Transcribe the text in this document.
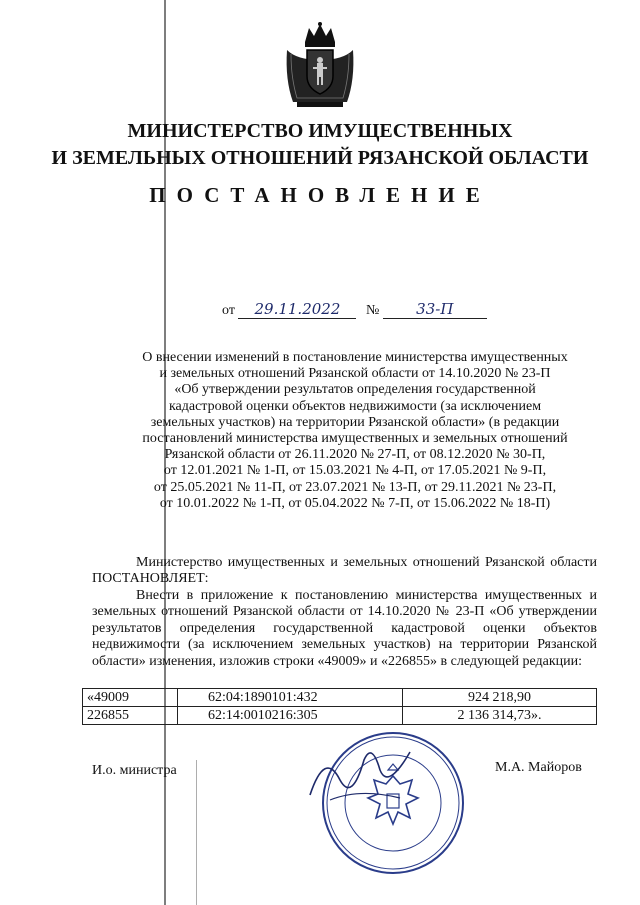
МИНИСТЕРСТВО ИМУЩЕСТВЕННЫХ
И ЗЕМЕЛЬНЫХ ОТНОШЕНИЙ РЯЗАНСКОЙ ОБЛАСТИ
ПОСТАНОВЛЕНИЕ
от 29.11.2022 № 33-П
О внесении изменений в постановление министерства имущественных
и земельных отношений Рязанской области от 14.10.2020 № 23-П
«Об утверждении результатов определения государственной
кадастровой оценки объектов недвижимости (за исключением
земельных участков) на территории Рязанской области» (в редакции
постановлений министерства имущественных и земельных отношений
Рязанской области от 26.11.2020 № 27-П, от 08.12.2020 № 30-П,
от 12.01.2021 № 1-П, от 15.03.2021 № 4-П, от 17.05.2021 № 9-П,
от 25.05.2021 № 11-П, от 23.07.2021 № 13-П, от 29.11.2021 № 23-П,
от 10.01.2022 № 1-П, от 05.04.2022 № 7-П, от 15.06.2022 № 18-П)
Министерство имущественных и земельных отношений Рязанской области ПОСТАНОВЛЯЕТ:
Внести в приложение к постановлению министерства имущественных и земельных отношений Рязанской области от 14.10.2020 № 23-П «Об утверждении результатов определения государственной кадастровой оценки объектов недвижимости (за исключением земельных участков) на территории Рязанской области» изменения, изложив строки «49009» и «226855» в следующей редакции:
«49009	62:04:1890101:432	924 218,90
226855	62:14:0010216:305	2 136 314,73».
И.о. министра	М.А. Майоров
